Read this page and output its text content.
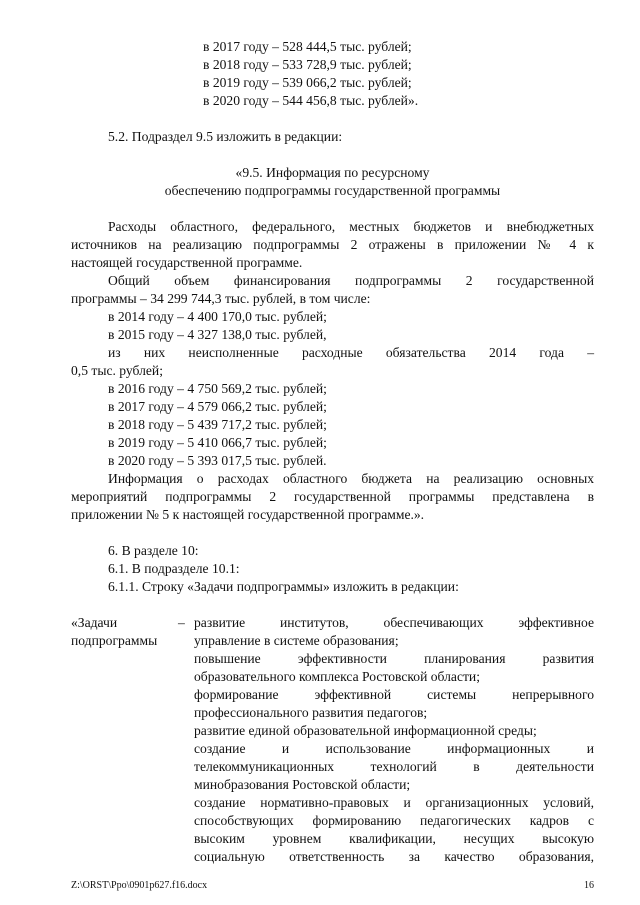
в 2017 году – 528 444,5 тыс. рублей;
в 2018 году – 533 728,9 тыс. рублей;
в 2019 году – 539 066,2 тыс. рублей;
в 2020 году – 544 456,8 тыс. рублей».
5.2. Подраздел 9.5 изложить в редакции:
«9.5. Информация по ресурсному
обеспечению подпрограммы государственной программы
Расходы областного, федерального, местных бюджетов и внебюджетных
источников на реализацию подпрограммы 2 отражены в приложении № 4 к
настоящей государственной программе.
Общий объем финансирования подпрограммы 2 государственной
программы – 34 299 744,3 тыс. рублей, в том числе:
в 2014 году – 4 400 170,0 тыс. рублей;
в 2015 году – 4 327 138,0 тыс. рублей,
из них неисполненные расходные обязательства 2014 года –
0,5 тыс. рублей;
в 2016 году – 4 750 569,2 тыс. рублей;
в 2017 году – 4 579 066,2 тыс. рублей;
в 2018 году – 5 439 717,2 тыс. рублей;
в 2019 году – 5 410 066,7 тыс. рублей;
в 2020 году – 5 393 017,5 тыс. рублей.
Информация о расходах областного бюджета на реализацию основных
мероприятий подпрограммы 2 государственной программы представлена в
приложении № 5 к настоящей государственной программе.».
6. В разделе 10:
6.1. В подразделе 10.1:
6.1.1. Строку «Задачи подпрограммы» изложить в редакции:
«Задачи	–
подпрограммы
развитие институтов, обеспечивающих эффективное
управление в системе образования;
повышение эффективности планирования развития
образовательного комплекса Ростовской области;
формирование эффективной системы непрерывного
профессионального развития педагогов;
развитие единой образовательной информационной среды;
создание и использование информационных и
телекоммуникационных технологий в деятельности
минобразования Ростовской области;
создание нормативно-правовых и организационных условий,
способствующих формированию педагогических кадров с
высоким уровнем квалификации, несущих высокую
социальную ответственность за качество образования,
Z:\ORST\Ppo\0901p627.f16.docx	16
